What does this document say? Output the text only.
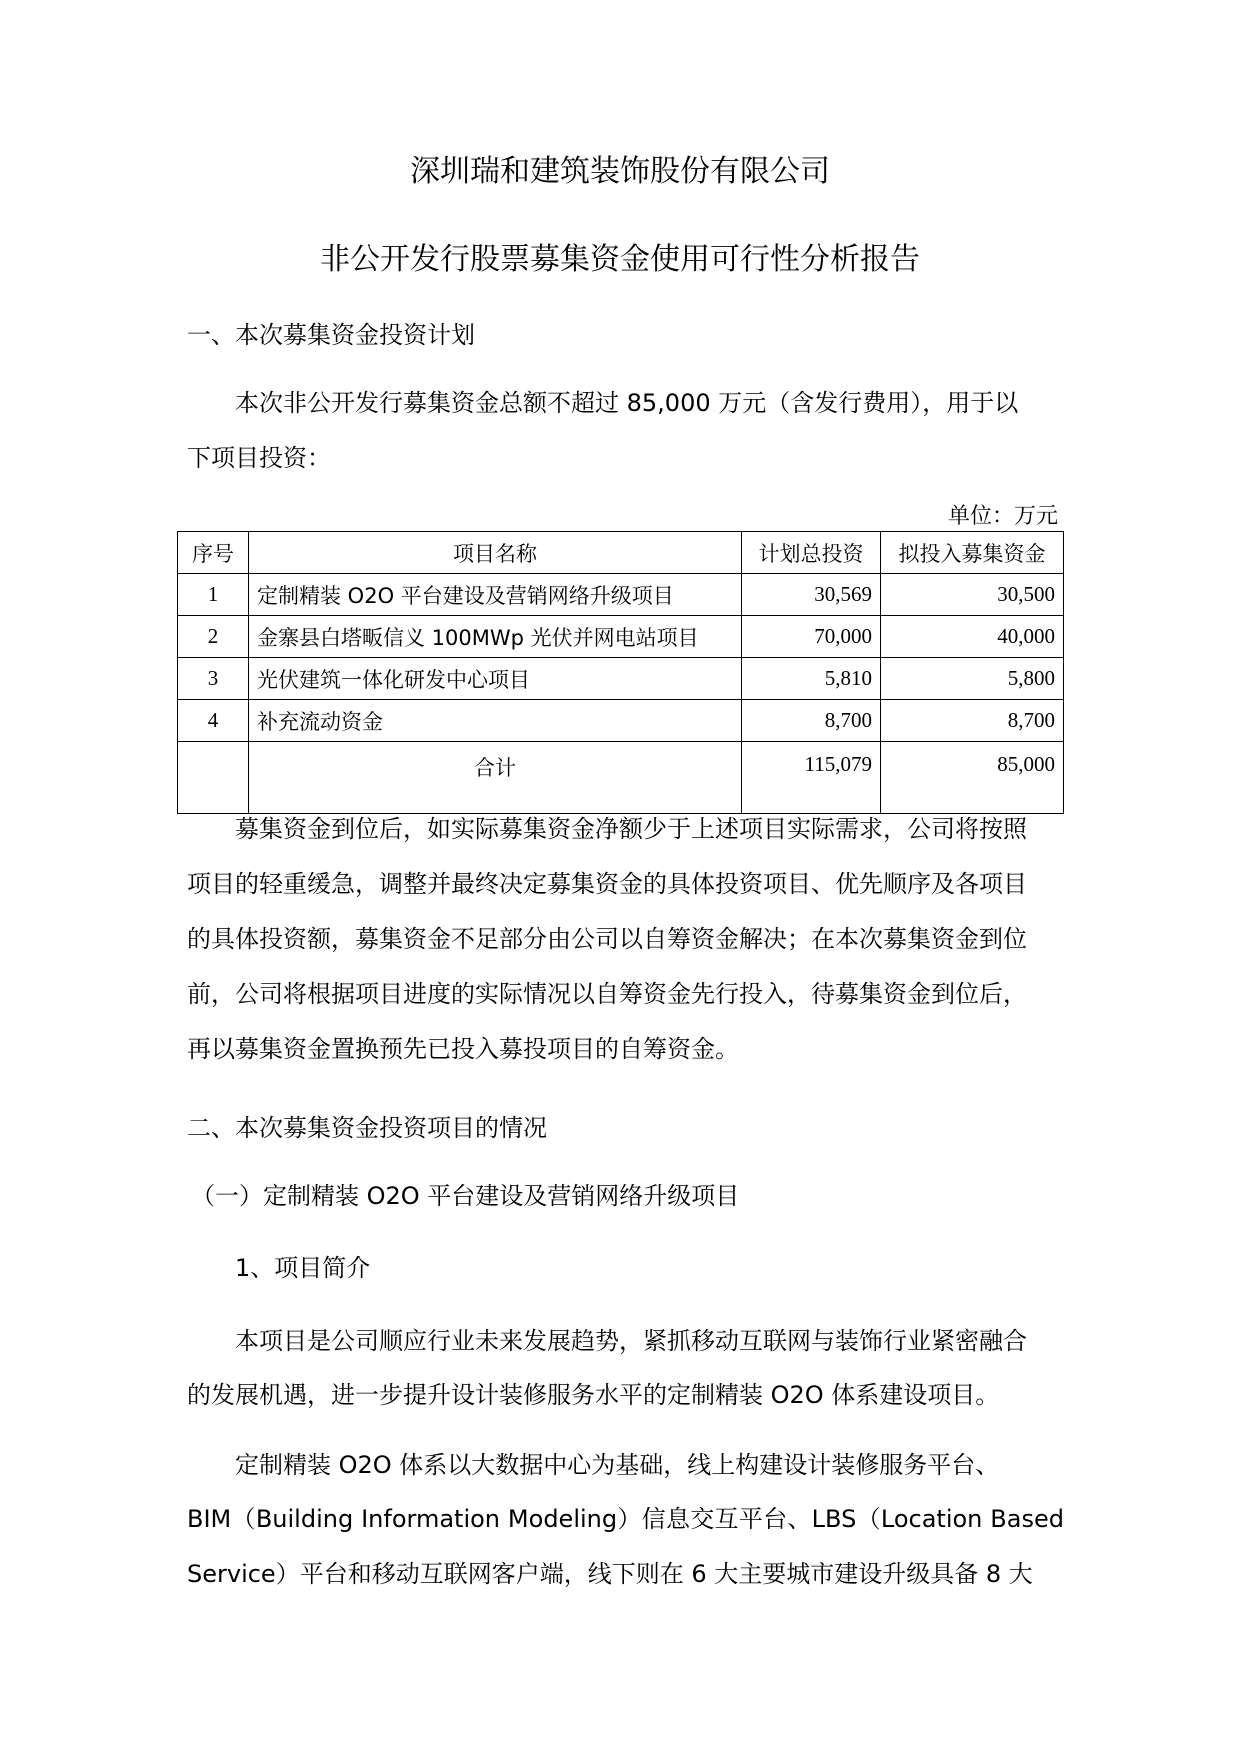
深圳瑞和建筑装饰股份有限公司
非公开发行股票募集资金使用可行性分析报告
一、本次募集资金投资计划
本次非公开发行募集资金总额不超过 85,000 万元（含发行费用），用于以
下项目投资：
单位：万元
序号	项目名称	计划总投资	拟投入募集资金
1	定制精装 O2O 平台建设及营销网络升级项目	30,569	30,500
2	金寨县白塔畈信义 100MWp 光伏并网电站项目	70,000	40,000
3	光伏建筑一体化研发中心项目	5,810	5,800
4	补充流动资金	8,700	8,700
	合计	115,079	85,000
募集资金到位后，如实际募集资金净额少于上述项目实际需求，公司将按照
项目的轻重缓急，调整并最终决定募集资金的具体投资项目、优先顺序及各项目
的具体投资额，募集资金不足部分由公司以自筹资金解决；在本次募集资金到位
前，公司将根据项目进度的实际情况以自筹资金先行投入，待募集资金到位后，
再以募集资金置换预先已投入募投项目的自筹资金。
二、本次募集资金投资项目的情况
（一）定制精装 O2O 平台建设及营销网络升级项目
1、项目简介
本项目是公司顺应行业未来发展趋势，紧抓移动互联网与装饰行业紧密融合
的发展机遇，进一步提升设计装修服务水平的定制精装 O2O 体系建设项目。
定制精装 O2O 体系以大数据中心为基础，线上构建设计装修服务平台、
BIM（Building Information Modeling）信息交互平台、LBS（Location Based
Service）平台和移动互联网客户端，线下则在 6 大主要城市建设升级具备 8 大
